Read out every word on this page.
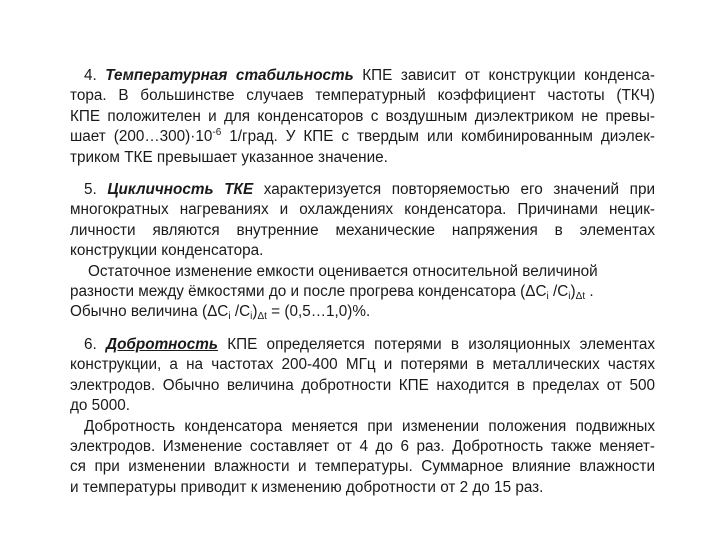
4. Температурная стабильность КПЕ зависит от конструкции конденса-
тора. В большинстве случаев температурный коэффициент частоты (ТКЧ)
КПЕ положителен и для конденсаторов с воздушным диэлектриком не превы-
шает $(200\dots 300)\cdot 10^{-6}$ 1/град. У КПЕ с твердым или комбинированным диэлек-
триком ТКЕ превышает указанное значение.
5. Цикличность ТКЕ характеризуется повторяемостью его значений при
многократных нагреваниях и охлаждениях конденсатора. Причинами нецик-
личности являются внутренние механические напряжения в элементах
конструкции конденсатора.
Остаточное изменение емкости оценивается относительной величиной
разности между ёмкостями до и после прогрева конденсатора ($\Delta C_i$ $/C_i)_{\Delta t}$ .
Обычно величина ($\Delta C_i$ $/C_i)_{\Delta t}$ = (0,5…1,0)%.
6. Добротность КПЕ определяется потерями в изоляционных элементах
конструкции, а на частотах 200-400 МГц и потерями в металлических частях
электродов. Обычно величина добротности КПЕ находится в пределах от 500
до 5000.
Добротность конденсатора меняется при изменении положения подвижных
электродов. Изменение составляет от 4 до 6 раз. Добротность также меняет-
ся при изменении влажности и температуры. Суммарное влияние влажности
и температуры приводит к изменению добротности от 2 до 15 раз.
